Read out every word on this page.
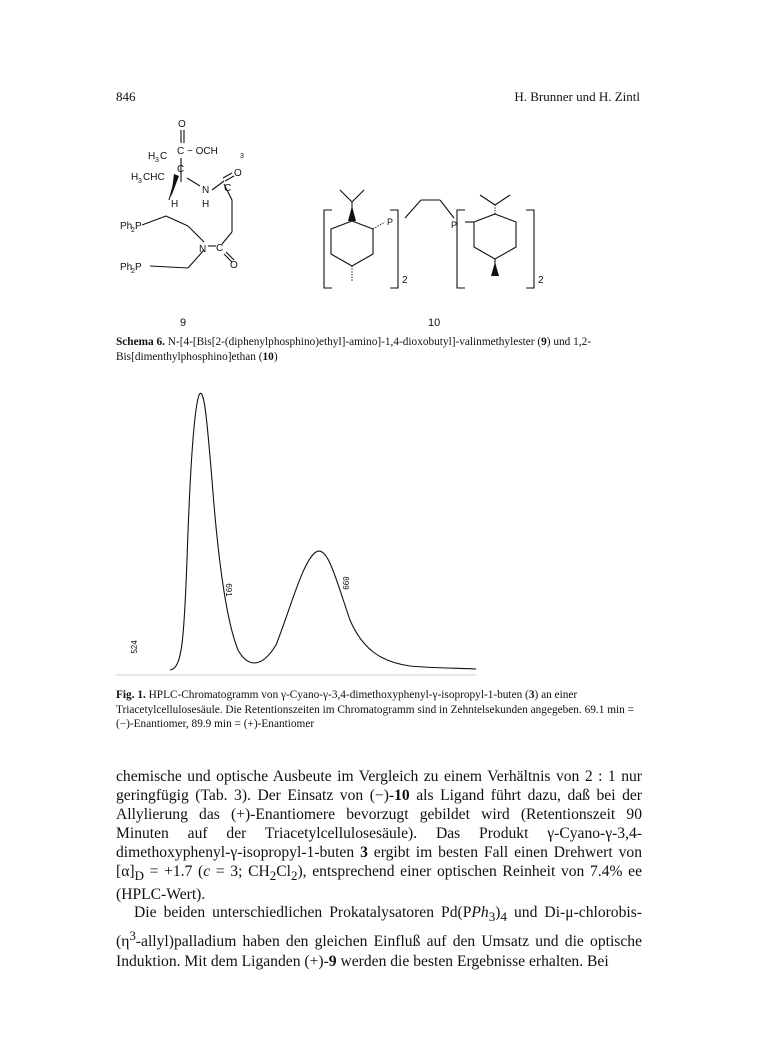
846	H. Brunner und H. Zintl
O
C − OCH	3
H 3 C
C
H 3 CHC
N C
O
H H
Ph
2 P
N C
O
Ph
2 P
P	P
2	2
9	10
Schema 6. N-[4-[Bis[2-(diphenylphosphino)ethyl]-amino]-1,4-dioxobutyl]-valinmethylester (9) und 1,2-Bis[dimenthylphosphino]ethan (10)
524
691
899
Fig. 1. HPLC-Chromatogramm von γ-Cyano-γ-3,4-dimethoxyphenyl-γ-isopropyl-1-buten (3) an einer Triacetylcellulosesäule. Die Retentionszeiten im Chromatogramm sind in Zehntelsekunden angegeben. 69.1 min = (−)-Enantiomer, 89.9 min = (+)-Enantiomer

chemische und optische Ausbeute im Vergleich zu einem Verhältnis von 2 : 1 nur geringfügig (Tab. 3). Der Einsatz von (−)-10 als Ligand führt dazu, daß bei der Allylierung das (+)-Enantiomere bevorzugt gebildet wird (Retentionszeit 90 Minuten auf der Triacetylcellulosesäule). Das Produkt γ-Cyano-γ-3,4-dimethoxyphenyl-γ-isopropyl-1-buten 3 ergibt im besten Fall einen Drehwert von $[\alpha]_D = +1.7$ (c = 3; $CH_2Cl_2$), entsprechend einer optischen Reinheit von 7.4% ee (HPLC-Wert).

Die beiden unterschiedlichen Prokatalysatoren $Pd(PPh_3)_4$ und $Di-\mu-chlorobis-(\eta^3-allyl)palladium$ haben den gleichen Einfluß auf den Umsatz und die optische Induktion. Mit dem Liganden (+)-9 werden die besten Ergebnisse erhalten. Bei
